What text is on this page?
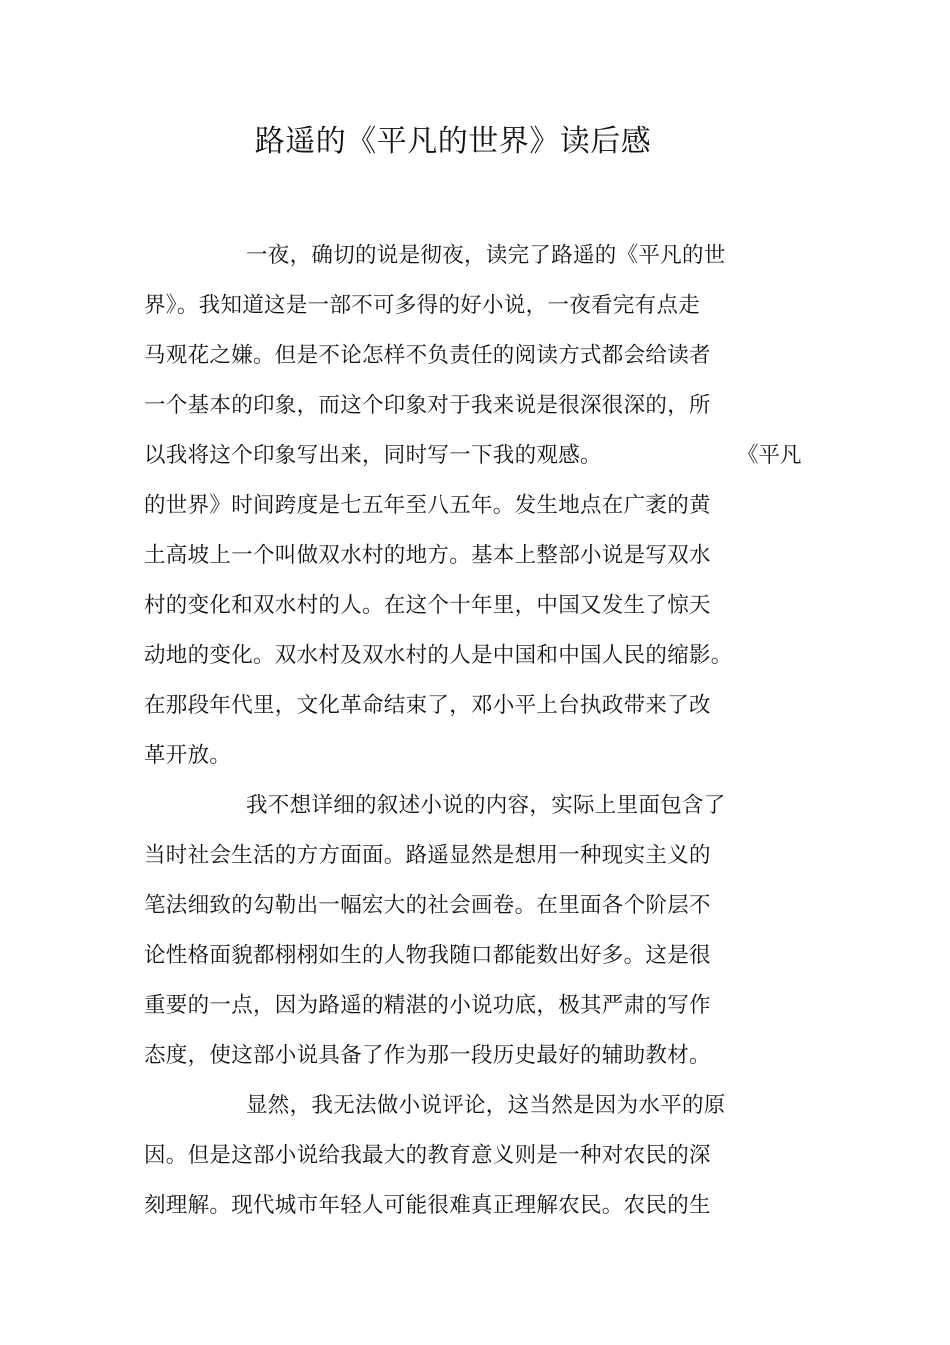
路遥的《平凡的世界》读后感
一夜，确切的说是彻夜，读完了路遥的《平凡的世
界》。我知道这是一部不可多得的好小说，一夜看完有点走
马观花之嫌。但是不论怎样不负责任的阅读方式都会给读者
一个基本的印象，而这个印象对于我来说是很深很深的，所
以我将这个印象写出来，同时写一下我的观感。	《平凡
的世界》时间跨度是七五年至八五年。发生地点在广袤的黄
土高坡上一个叫做双水村的地方。基本上整部小说是写双水
村的变化和双水村的人。在这个十年里，中国又发生了惊天
动地的变化。双水村及双水村的人是中国和中国人民的缩影。
在那段年代里，文化革命结束了，邓小平上台执政带来了改
革开放。
我不想详细的叙述小说的内容，实际上里面包含了
当时社会生活的方方面面。路遥显然是想用一种现实主义的
笔法细致的勾勒出一幅宏大的社会画卷。在里面各个阶层不
论性格面貌都栩栩如生的人物我随口都能数出好多。这是很
重要的一点，因为路遥的精湛的小说功底，极其严肃的写作
态度，使这部小说具备了作为那一段历史最好的辅助教材。
显然，我无法做小说评论，这当然是因为水平的原
因。但是这部小说给我最大的教育意义则是一种对农民的深
刻理解。现代城市年轻人可能很难真正理解农民。农民的生
